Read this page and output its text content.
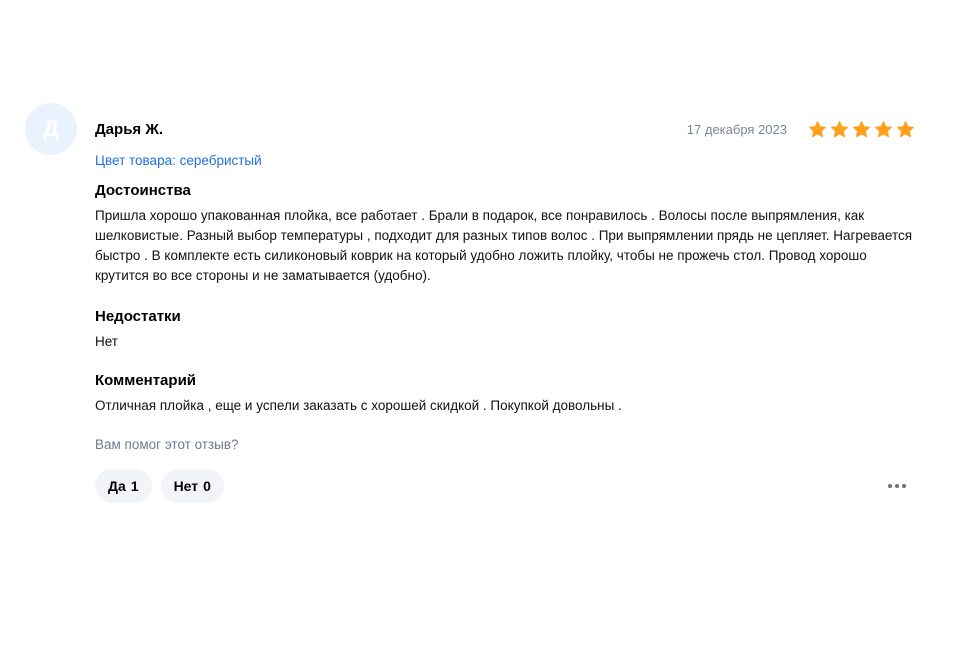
Д Дарья Ж.	17 декабря 2023
Цвет товара: серебристый
Достоинства
Пришла хорошо упакованная плойка, все работает . Брали в подарок, все понравилось . Волосы после выпрямления, как шелковистые. Разный выбор температуры , подходит для разных типов волос . При выпрямлении прядь не цепляет. Нагревается быстро . В комплекте есть силиконовый коврик на который удобно ложить плойку, чтобы не прожечь стол. Провод хорошо крутится во все стороны и не заматывается (удобно).
Недостатки
Нет
Комментарий
Отличная плойка , еще и успели заказать с хорошей скидкой . Покупкой довольны .
Вам помог этот отзыв?
Да 1	Нет 0
